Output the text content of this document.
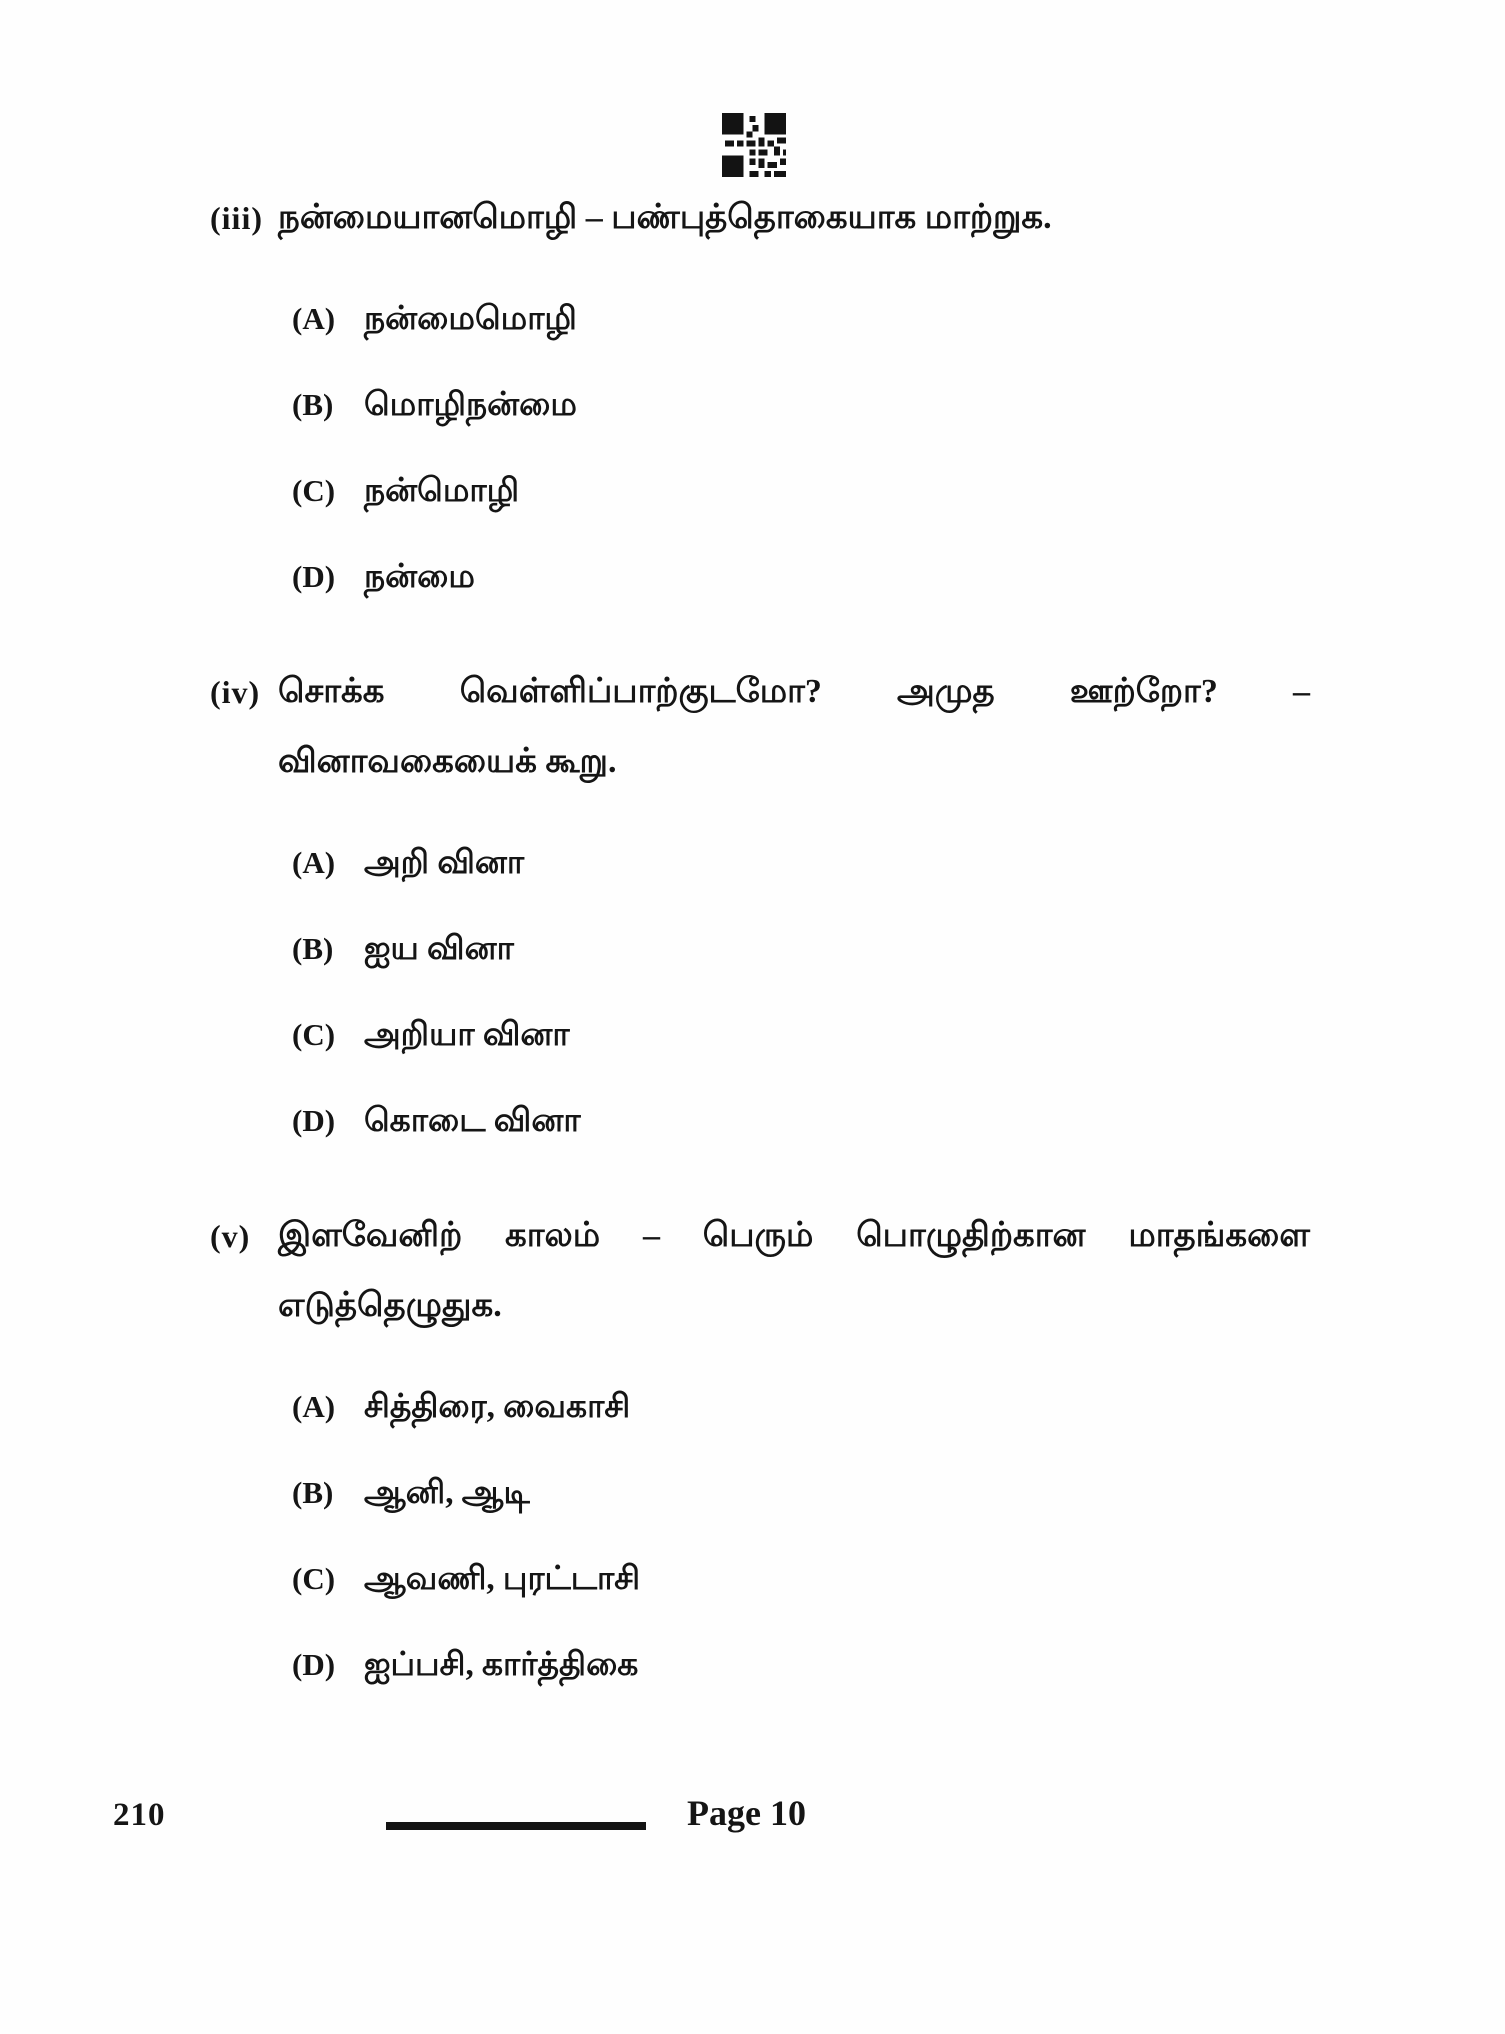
(iii) நன்மையானமொழி – பண்புத்தொகையாக மாற்றுக.
(A) நன்மைமொழி
(B) மொழிநன்மை
(C) நன்மொழி
(D) நன்மை
(iv) சொக்க வெள்ளிப்பாற்குடமோ? அமுத ஊற்றோ? –
வினாவகையைக் கூறு.
(A) அறி வினா
(B) ஐய வினா
(C) அறியா வினா
(D) கொடை வினா
(v) இளவேனிற் காலம் – பெரும் பொழுதிற்கான மாதங்களை
எடுத்தெழுதுக.
(A) சித்திரை, வைகாசி
(B) ஆனி, ஆடி
(C) ஆவணி, புரட்டாசி
(D) ஐப்பசி, கார்த்திகை
210	Page 10
